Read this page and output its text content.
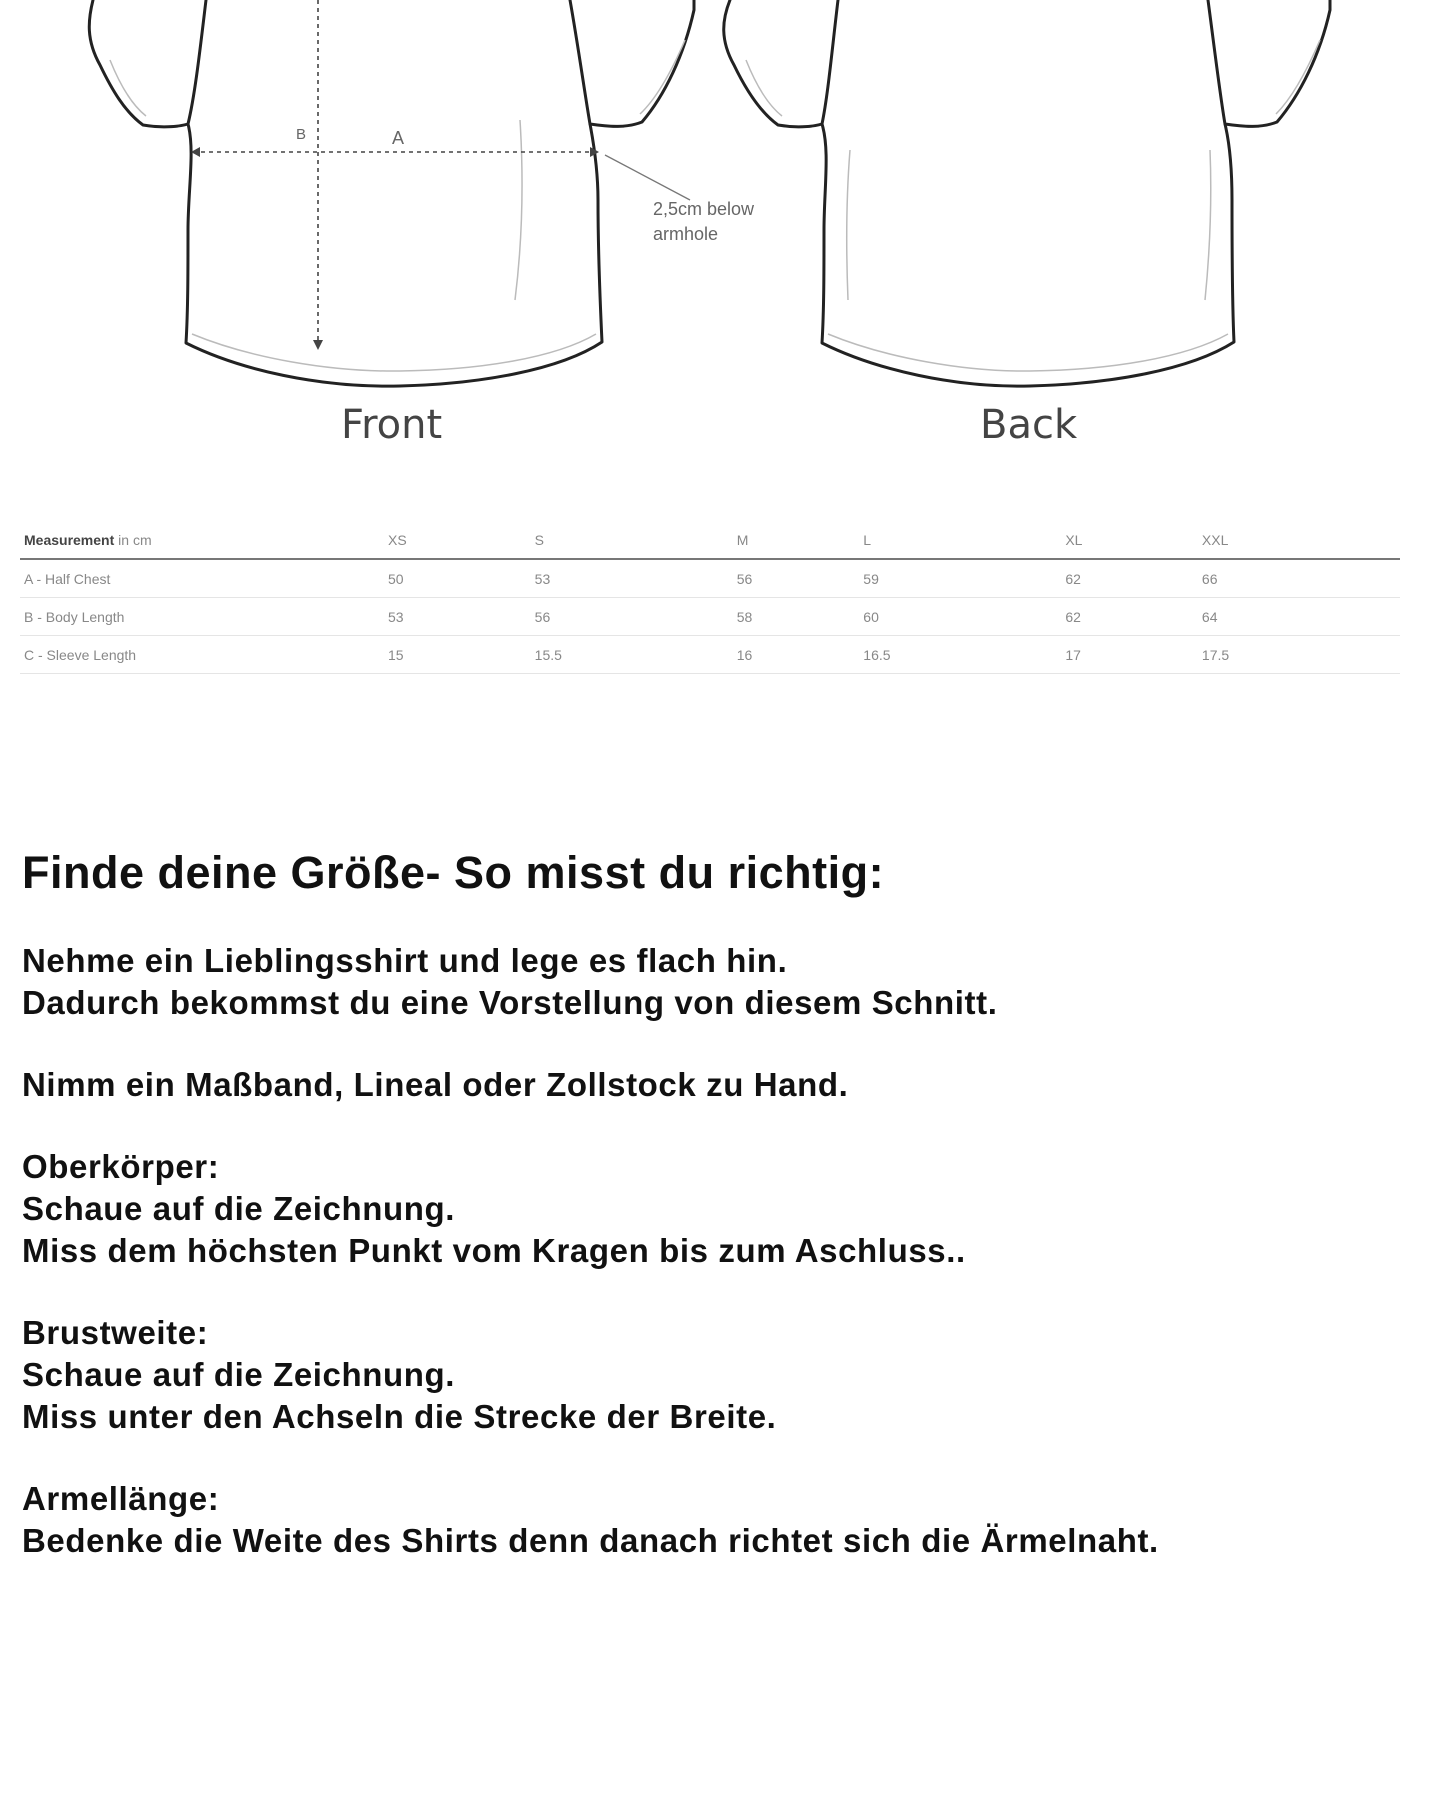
A
B
2,5cm below
armhole
Front	Back
Measurement in cm	XS	S	M	L	XL	XXL
A - Half Chest	50	53	56	59	62	66
B - Body Length	53	56	58	60	62	64
C - Sleeve Length	15	15.5	16	16.5	17	17.5
Finde deine Größe- So misst du richtig:

Nehme ein Lieblingsshirt und lege es flach hin.
Dadurch bekommst du eine Vorstellung von diesem Schnitt.

Nimm ein Maßband, Lineal oder Zollstock zu Hand.

Oberkörper:
Schaue auf die Zeichnung.
Miss dem höchsten Punkt vom Kragen bis zum Aschluss..

Brustweite:
Schaue auf die Zeichnung.
Miss unter den Achseln die Strecke der Breite.

Armellänge:
Bedenke die Weite des Shirts denn danach richtet sich die Ärmelnaht.
